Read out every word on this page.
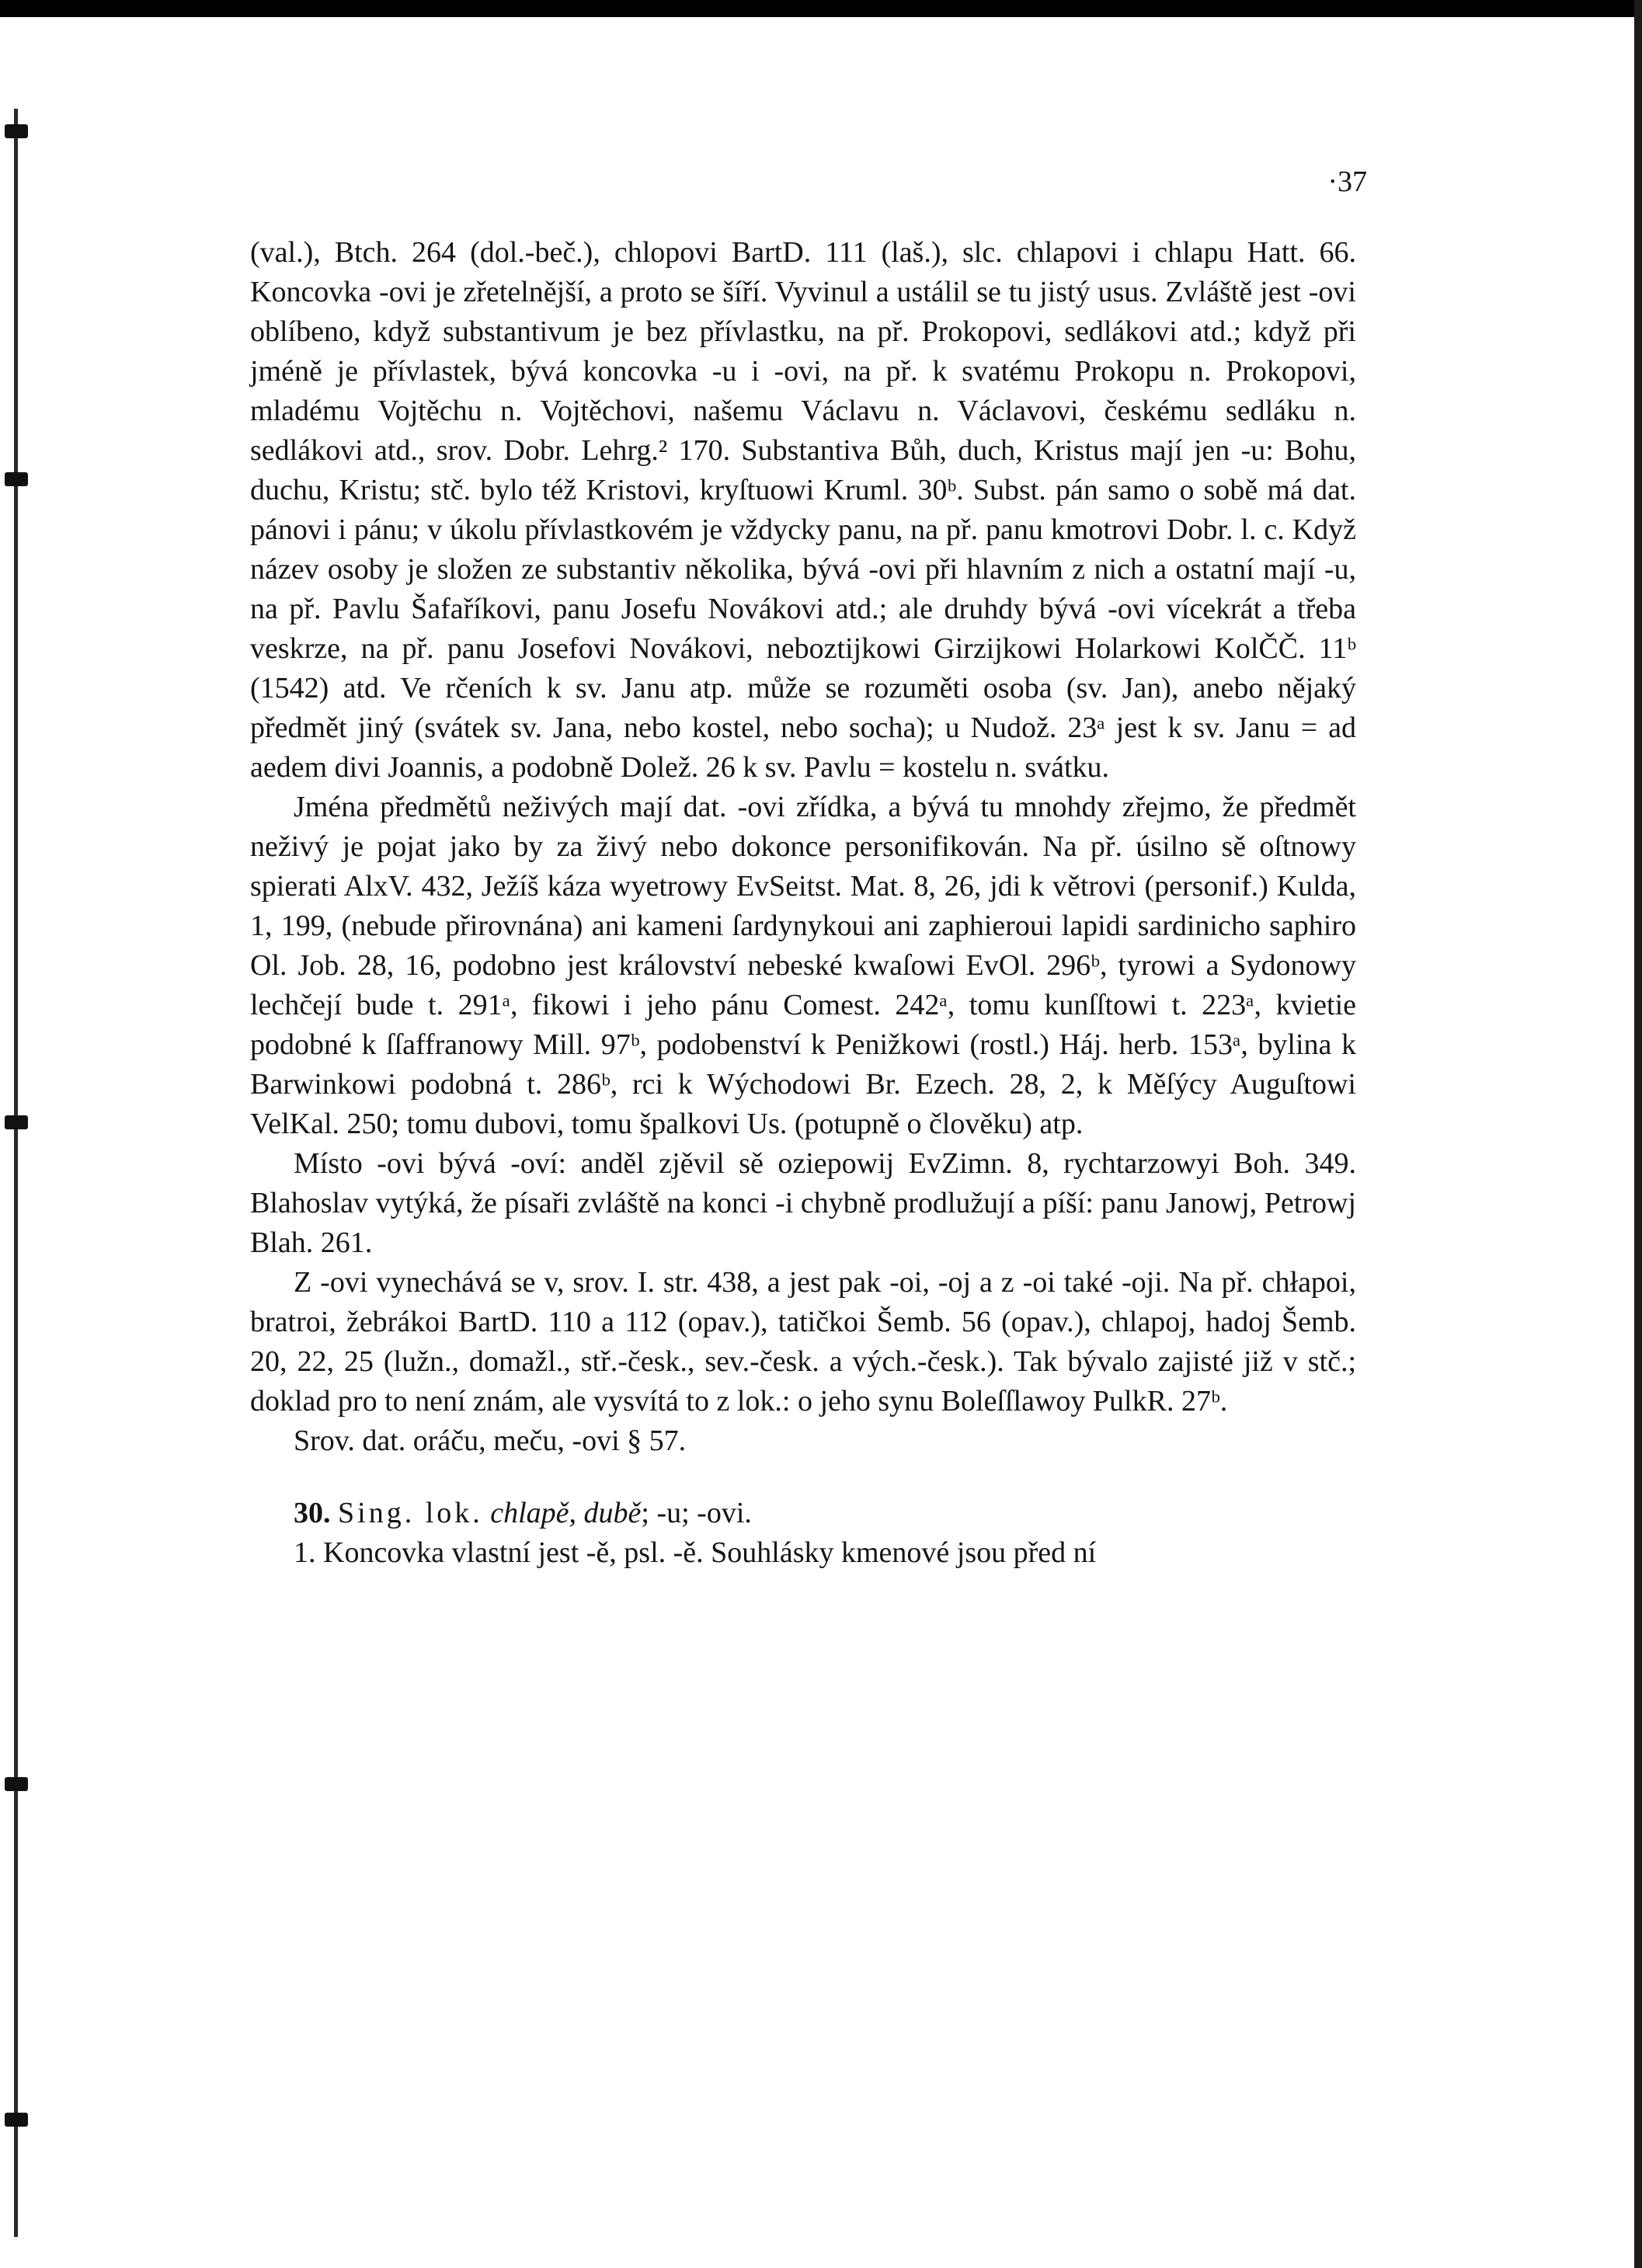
·37

(val.), Btch. 264 (dol.-beč.), chlopovi BartD. 111 (laš.), slc. chlapovi i chlapu Hatt. 66. Koncovka -ovi je zřetelnější, a proto se šíří. Vyvinul a ustálil se tu jistý usus. Zvláště jest -ovi oblíbeno, když substantivum je bez přívlastku, na př. Prokopovi, sedlákovi atd.; když při jméně je přívlastek, bývá koncovka -u i -ovi, na př. k svatému Prokopu n. Prokopovi, mladému Vojtěchu n. Vojtěchovi, našemu Václavu n. Václavovi, českému sedláku n. sedlákovi atd., srov. Dobr. Lehrg.² 170. Substantiva Bůh, duch, Kristus mají jen -u: Bohu, duchu, Kristu; stč. bylo též Kristovi, kryſtuowi Kruml. 30ᵇ. Subst. pán samo o sobě má dat. pánovi i pánu; v úkolu přívlastkovém je vždycky panu, na př. panu kmotrovi Dobr. l. c. Když název osoby je složen ze substantiv několika, bývá -ovi při hlavním z nich a ostatní mají -u, na př. Pavlu Šafaříkovi, panu Josefu Novákovi atd.; ale druhdy bývá -ovi vícekrát a třeba veskrze, na př. panu Josefovi Novákovi, neboztijkowi Girzijkowi Holarkowi KolČČ. 11ᵇ (1542) atd. Ve rčeních k sv. Janu atp. může se rozuměti osoba (sv. Jan), anebo nějaký předmět jiný (svátek sv. Jana, nebo kostel, nebo socha); u Nudož. 23ᵃ jest k sv. Janu = ad aedem divi Joannis, a podobně Dolež. 26 k sv. Pavlu = kostelu n. svátku.

Jména předmětů neživých mají dat. -ovi zřídka, a bývá tu mnohdy zřejmo, že předmět neživý je pojat jako by za živý nebo dokonce personifikován. Na př. úsilno sě oſtnowy spierati AlxV. 432, Ježíš káza wyetrowy EvSeitst. Mat. 8, 26, jdi k větrovi (personif.) Kulda, 1, 199, (nebude přirovnána) ani kameni ſardynykoui ani zaphieroui lapidi sardinicho saphiro Ol. Job. 28, 16, podobno jest království nebeské kwaſowi EvOl. 296ᵇ, tyrowi a Sydonowy lechčejí bude t. 291ᵃ, fikowi i jeho pánu Comest. 242ᵃ, tomu kunſſtowi t. 223ᵃ, kvietie podobné k ſſaffranowy Mill. 97ᵇ, podobenství k Penižkowi (rostl.) Háj. herb. 153ᵃ, bylina k Barwinkowi podobná t. 286ᵇ, rci k Wýchodowi Br. Ezech. 28, 2, k Měſýcy Auguſtowi VelKal. 250; tomu dubovi, tomu špalkovi Us. (potupně o člověku) atp.

Místo -ovi bývá -oví: anděl zjěvil sě oziepowij EvZimn. 8, rychtarzowyi Boh. 349. Blahoslav vytýká, že písaři zvláště na konci -i chybně prodlužují a píší: panu Janowj, Petrowj Blah. 261.

Z -ovi vynechává se v, srov. I. str. 438, a jest pak -oi, -oj a z -oi také -oji. Na př. chłapoi, bratroi, žebrákoi BartD. 110 a 112 (opav.), tatičkoi Šemb. 56 (opav.), chlapoj, hadoj Šemb. 20, 22, 25 (lužn., domažl., stř.-česk., sev.-česk. a vých.-česk.). Tak bývalo zajisté již v stč.; doklad pro to není znám, ale vysvítá to z lok.: o jeho synu Boleſſlawoy PulkR. 27ᵇ.

Srov. dat. oráču, meču, -ovi § 57.

30. Sing. lok. chlapě, dubě; -u; -ovi.

1. Koncovka vlastní jest -ě, psl. -ě. Souhlásky kmenové jsou před ní
